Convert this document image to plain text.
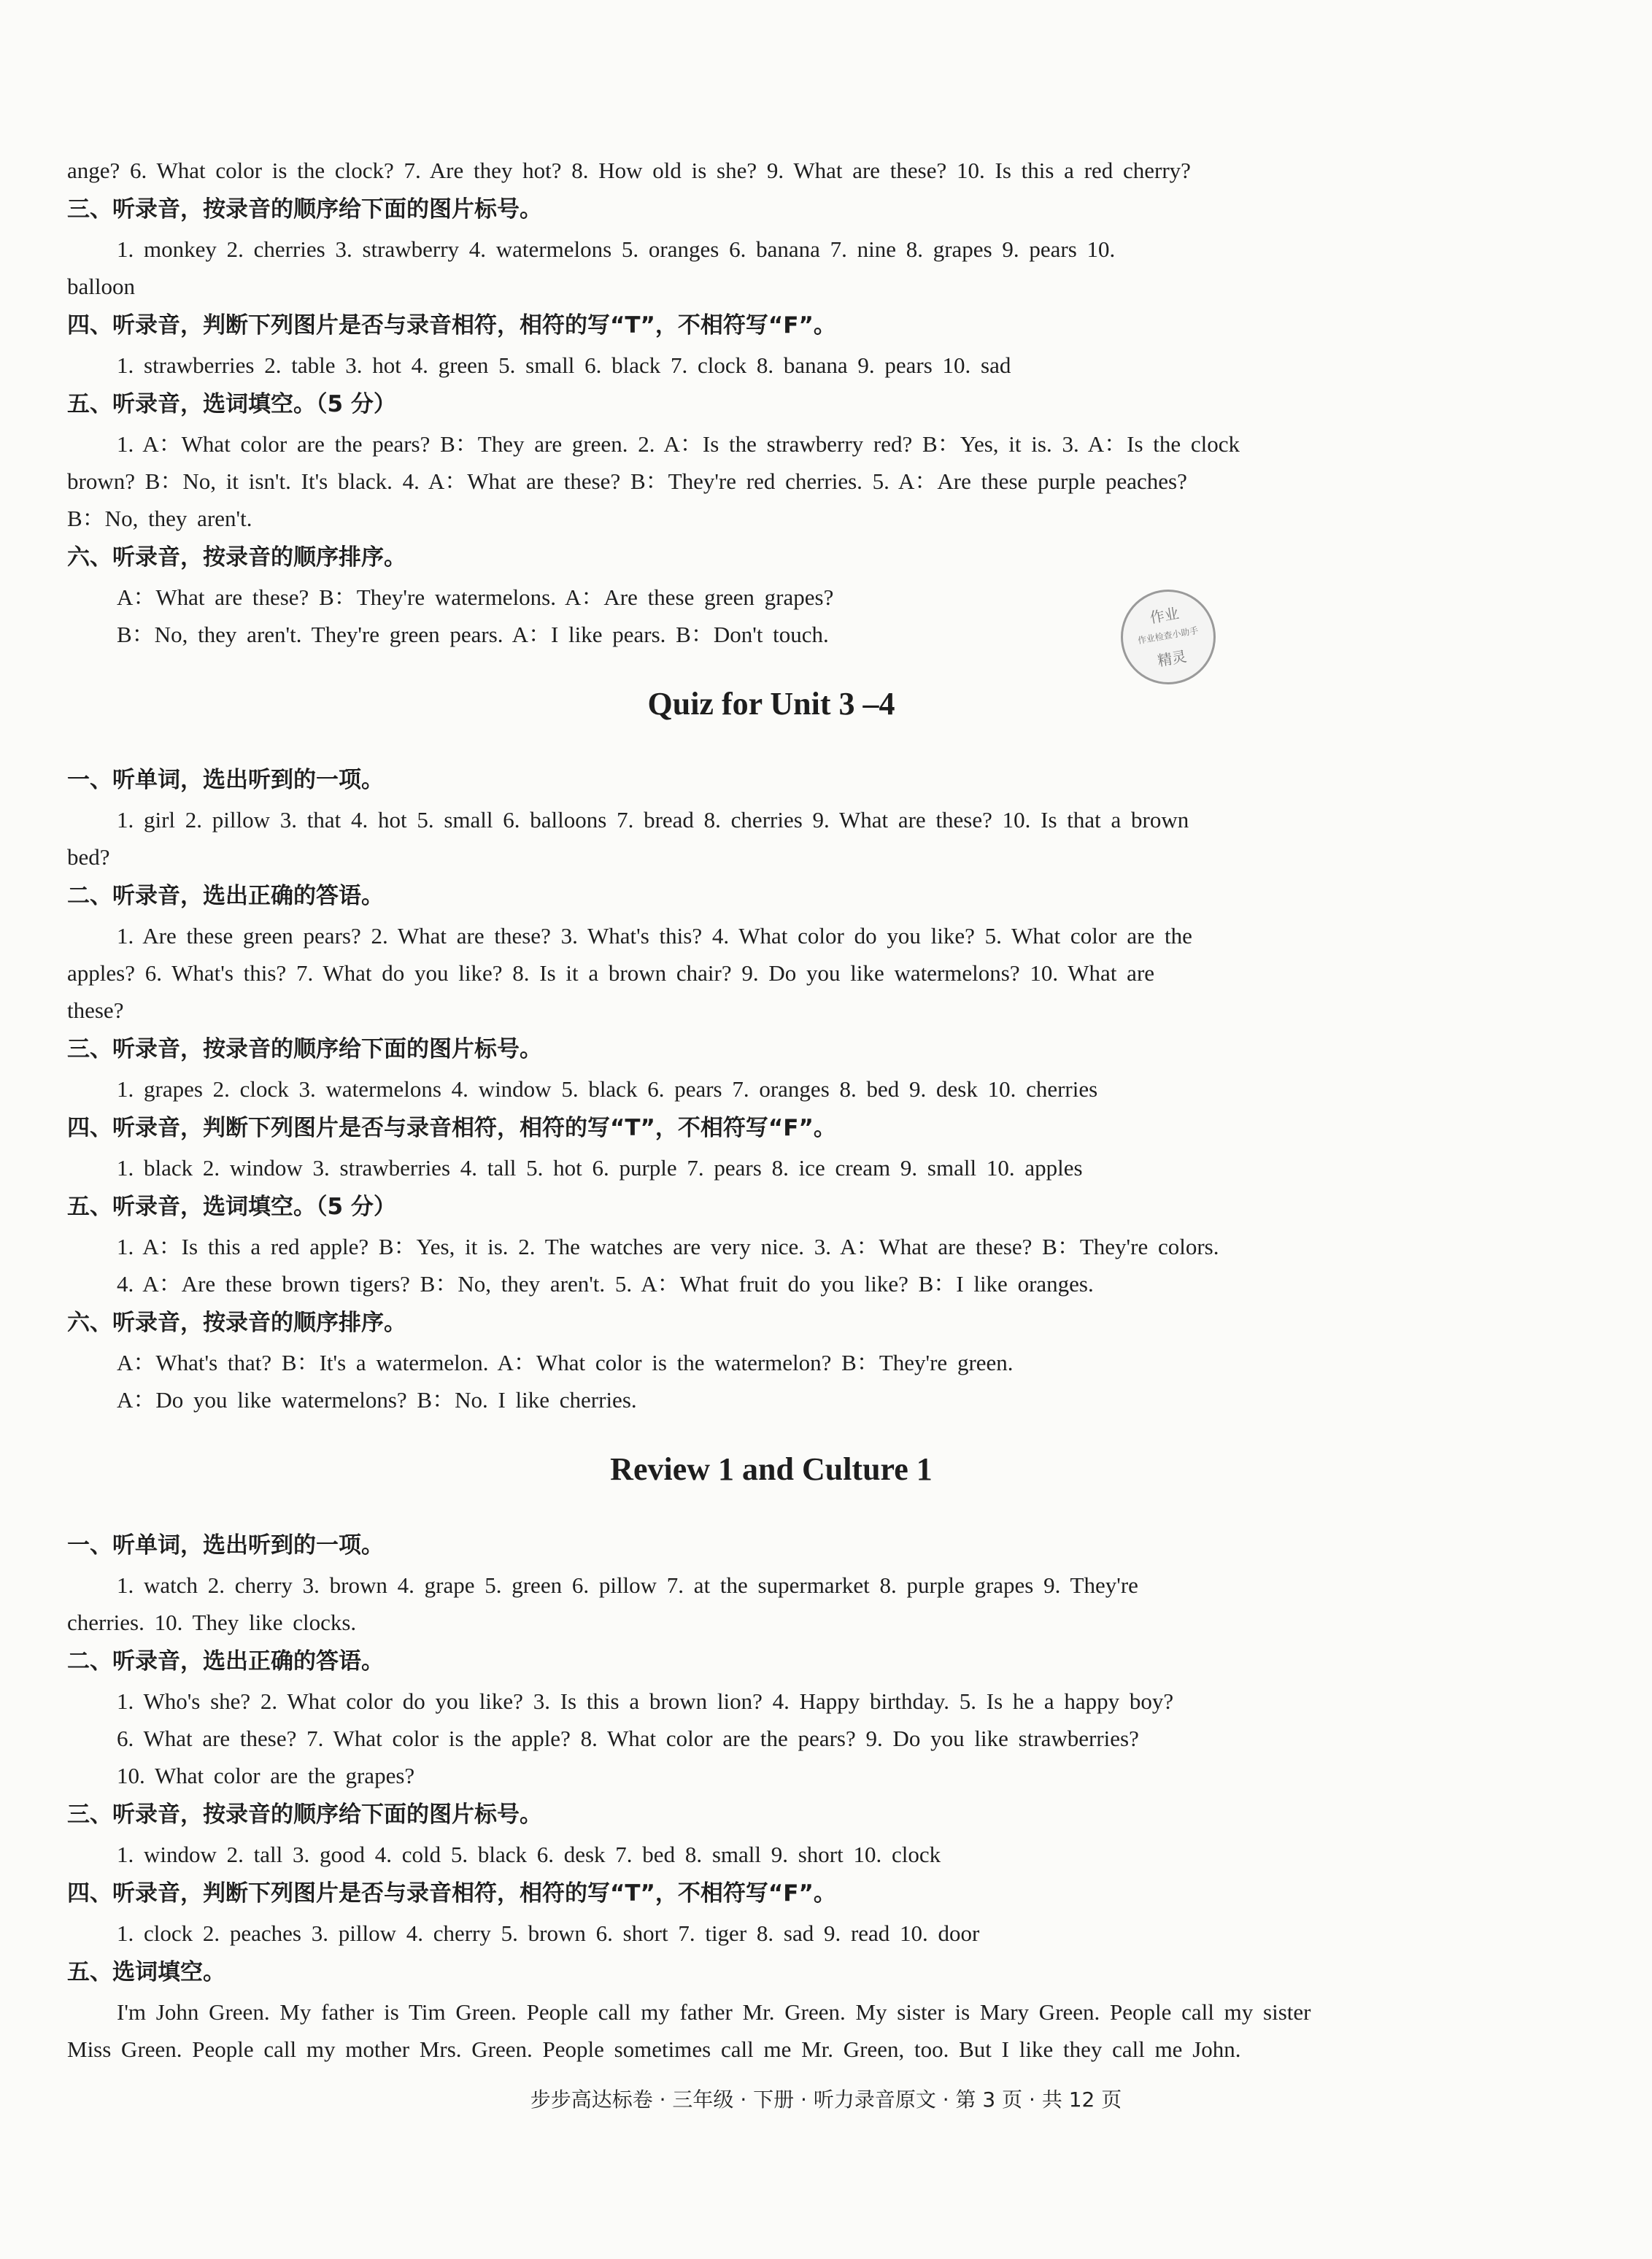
ange? 6. What color is the clock? 7. Are they hot? 8. How old is she? 9. What are these? 10. Is this a red cherry?
三、听录音，按录音的顺序给下面的图片标号。
1. monkey 2. cherries 3. strawberry 4. watermelons 5. oranges 6. banana 7. nine 8. grapes 9. pears 10.
balloon
四、听录音，判断下列图片是否与录音相符，相符的写“T”，不相符写“F”。
1. strawberries 2. table 3. hot 4. green 5. small 6. black 7. clock 8. banana 9. pears 10. sad
五、听录音，选词填空。（5 分）
1. A：What color are the pears? B：They are green. 2. A：Is the strawberry red? B：Yes, it is. 3. A：Is the clock
brown? B：No, it isn't. It's black. 4. A：What are these? B：They're red cherries. 5. A：Are these purple peaches?
B：No, they aren't.
六、听录音，按录音的顺序排序。
A：What are these? B：They're watermelons. A：Are these green grapes?
B：No, they aren't. They're green pears. A：I like pears. B：Don't touch.
Quiz for Unit 3 –4
一、听单词，选出听到的一项。
1. girl 2. pillow 3. that 4. hot 5. small 6. balloons 7. bread 8. cherries 9. What are these? 10. Is that a brown
bed?
二、听录音，选出正确的答语。
1. Are these green pears? 2. What are these? 3. What's this? 4. What color do you like? 5. What color are the
apples? 6. What's this? 7. What do you like? 8. Is it a brown chair? 9. Do you like watermelons? 10. What are
these?
三、听录音，按录音的顺序给下面的图片标号。
1. grapes 2. clock 3. watermelons 4. window 5. black 6. pears 7. oranges 8. bed 9. desk 10. cherries
四、听录音，判断下列图片是否与录音相符，相符的写“T”，不相符写“F”。
1. black 2. window 3. strawberries 4. tall 5. hot 6. purple 7. pears 8. ice cream 9. small 10. apples
五、听录音，选词填空。（5 分）
1. A：Is this a red apple? B：Yes, it is. 2. The watches are very nice. 3. A：What are these? B：They're colors.
4. A：Are these brown tigers? B：No, they aren't. 5. A：What fruit do you like? B：I like oranges.
六、听录音，按录音的顺序排序。
A：What's that? B：It's a watermelon. A：What color is the watermelon? B：They're green.
A：Do you like watermelons? B：No. I like cherries.
Review 1 and Culture 1
一、听单词，选出听到的一项。
1. watch 2. cherry 3. brown 4. grape 5. green 6. pillow 7. at the supermarket 8. purple grapes 9. They're
cherries. 10. They like clocks.
二、听录音，选出正确的答语。
1. Who's she? 2. What color do you like? 3. Is this a brown lion? 4. Happy birthday. 5. Is he a happy boy?
6. What are these? 7. What color is the apple? 8. What color are the pears? 9. Do you like strawberries?
10. What color are the grapes?
三、听录音，按录音的顺序给下面的图片标号。
1. window 2. tall 3. good 4. cold 5. black 6. desk 7. bed 8. small 9. short 10. clock
四、听录音，判断下列图片是否与录音相符，相符的写“T”，不相符写“F”。
1. clock 2. peaches 3. pillow 4. cherry 5. brown 6. short 7. tiger 8. sad 9. read 10. door
五、选词填空。
I'm John Green. My father is Tim Green. People call my father Mr. Green. My sister is Mary Green. People call my sister
Miss Green. People call my mother Mrs. Green. People sometimes call me Mr. Green, too. But I like they call me John.
作业
作业检查小助手
精灵
步步高达标卷 · 三年级 · 下册 · 听力录音原文 · 第 3 页 · 共 12 页
